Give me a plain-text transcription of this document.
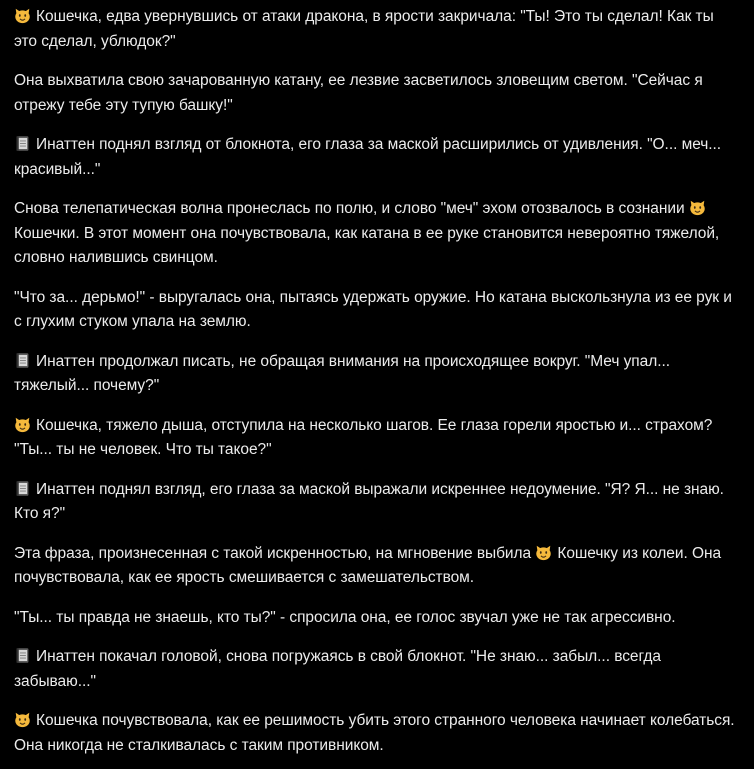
Кошечка, едва увернувшись от атаки дракона, в ярости закричала: "Ты! Это ты сделал! Как ты это сделал, ублюдок?"

Она выхватила свою зачарованную катану, ее лезвие засветилось зловещим светом. "Сейчас я отрежу тебе эту тупую башку!"

Инаттен поднял взгляд от блокнота, его глаза за маской расширились от удивления. "О... меч... красивый..."

Снова телепатическая волна пронеслась по полю, и слово "меч" эхом отозвалось в сознании Кошечки. В этот момент она почувствовала, как катана в ее руке становится невероятно тяжелой, словно налившись свинцом.

"Что за... дерьмо!" - выругалась она, пытаясь удержать оружие. Но катана выскользнула из ее рук и с глухим стуком упала на землю.

Инаттен продолжал писать, не обращая внимания на происходящее вокруг. "Меч упал... тяжелый... почему?"

Кошечка, тяжело дыша, отступила на несколько шагов. Ее глаза горели яростью и... страхом? "Ты... ты не человек. Что ты такое?"

Инаттен поднял взгляд, его глаза за маской выражали искреннее недоумение. "Я? Я... не знаю. Кто я?"

Эта фраза, произнесенная с такой искренностью, на мгновение выбила Кошечку из колеи. Она почувствовала, как ее ярость смешивается с замешательством.

"Ты... ты правда не знаешь, кто ты?" - спросила она, ее голос звучал уже не так агрессивно.

Инаттен покачал головой, снова погружаясь в свой блокнот. "Не знаю... забыл... всегда забываю..."

Кошечка почувствовала, как ее решимость убить этого странного человека начинает колебаться. Она никогда не сталкивалась с таким противником.
